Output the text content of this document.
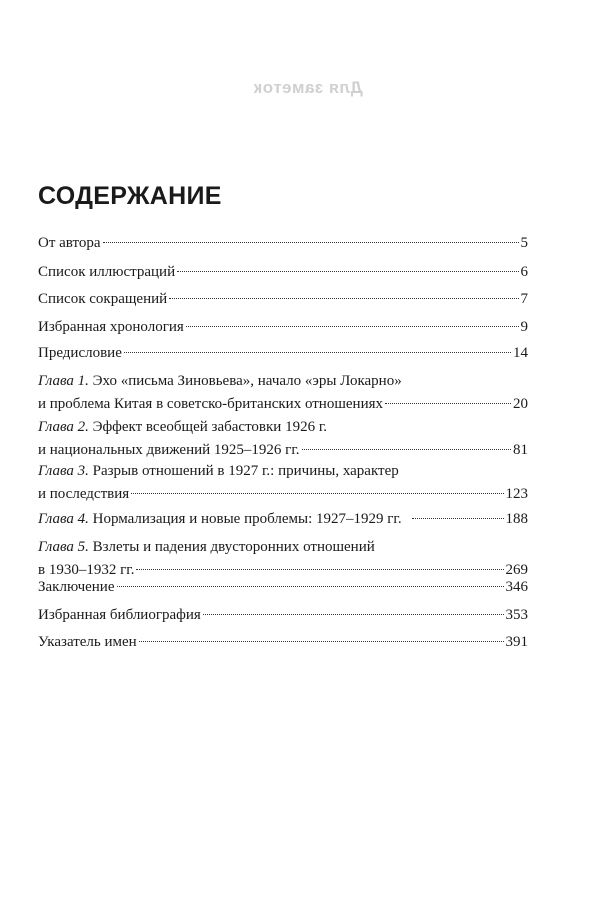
Для заметок
СОДЕРЖАНИЕ
От автора	5
Список иллюстраций	6
Список сокращений	7
Избранная хронология	9
Предисловие	14
Глава 1. Эхо «письма Зиновьева», начало «эры Локарно»
и проблема Китая в советско-британских отношениях	20
Глава 2. Эффект всеобщей забастовки 1926 г.
и национальных движений 1925–1926 гг.	81
Глава 3. Разрыв отношений в 1927 г.: причины, характер
и последствия	123
Глава 4. Нормализация и новые проблемы: 1927–1929 гг.	188
Глава 5. Взлеты и падения двусторонних отношений
в 1930–1932 гг.	269
Заключение	346
Избранная библиография	353
Указатель имен	391
